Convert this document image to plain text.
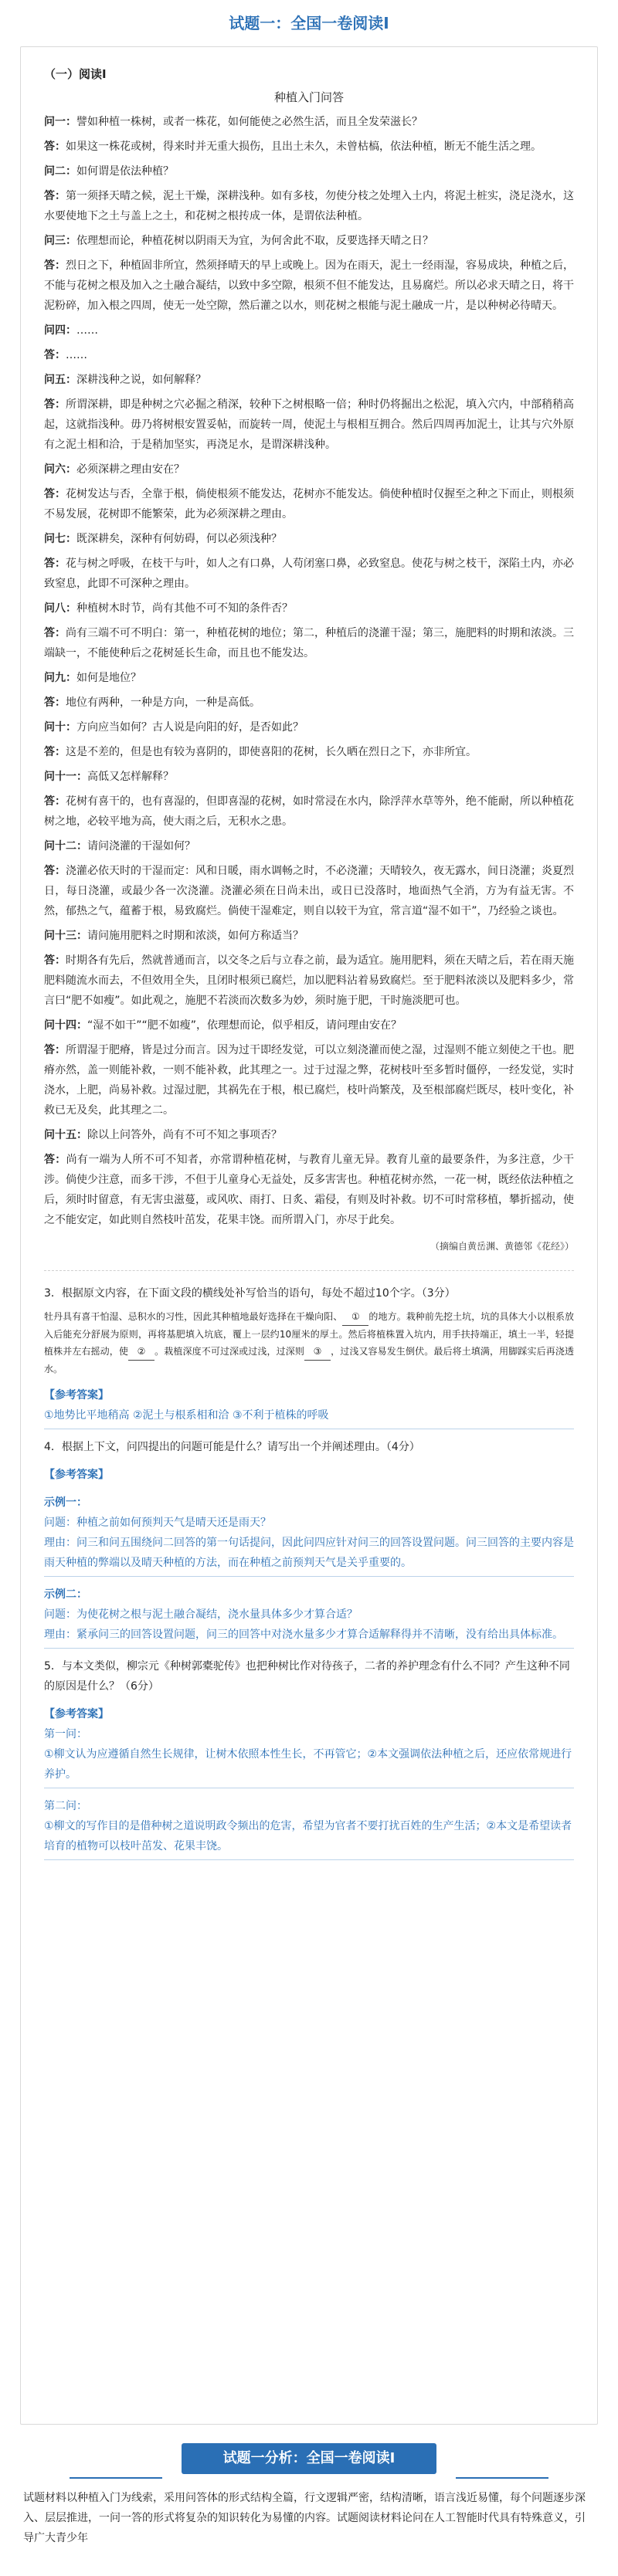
试题一：全国一卷阅读Ⅰ
（一）阅读Ⅰ
种植入门问答

问一：譬如种植一株树，或者一株花，如何能使之必然生活，而且全发荣滋长？

答：如果这一株花或树，得来时并无重大损伤，且出土未久，未曾枯槁，依法种植，断无不能生活之理。

问二：如何谓是依法种植？

答：第一须择天晴之候，泥土干燥，深耕浅种。如有多枝，勿使分枝之处埋入土内，将泥土桩实，浇足浇水，这水要使地下之土与盖上之土，和花树之根抟成一体，是谓依法种植。

问三：依理想而论，种植花树以阴雨天为宜，为何舍此不取，反要选择天晴之日？

答：烈日之下，种植固非所宜，然须择晴天的早上或晚上。因为在雨天，泥土一经雨湿，容易成块，种植之后，不能与花树之根及加入之土融合凝结，以致中多空隙，根须不但不能发达，且易腐烂。所以必求天晴之日，将干泥粉碎，加入根之四周，使无一处空隙，然后灌之以水，则花树之根能与泥土融成一片，是以种树必待晴天。

问四：……

答：……

问五：深耕浅种之说，如何解释？

答：所谓深耕，即是种树之穴必掘之稍深，较种下之树根略一倍；种时仍将掘出之松泥，填入穴内，中部稍稍高起，这就指浅种。毋乃将树根安置妥帖，而旋转一周，使泥土与根相互拥合。然后四周再加泥土，让其与穴外原有之泥土相和洽，于是稍加坚实，再浇足水，是谓深耕浅种。

问六：必须深耕之理由安在？

答：花树发达与否，全靠于根，倘使根须不能发达，花树亦不能发达。倘使种植时仅握至之种之下而止，则根须不易发展，花树即不能繁荣，此为必须深耕之理由。

问七：既深耕矣，深种有何妨碍，何以必须浅种？

答：花与树之呼吸，在枝干与叶，如人之有口鼻，人苟闭塞口鼻，必致窒息。使花与树之枝干，深陷土内，亦必致窒息，此即不可深种之理由。

问八：种植树木时节，尚有其他不可不知的条件否？

答：尚有三端不可不明白：第一，种植花树的地位；第二，种植后的浇灌干湿；第三，施肥料的时期和浓淡。三端缺一，不能使种后之花树延长生命，而且也不能发达。

问九：如何是地位？

答：地位有两种，一种是方向，一种是高低。

问十：方向应当如何？古人说是向阳的好，是否如此？

答：这是不差的，但是也有较为喜阴的，即使喜阳的花树，长久晒在烈日之下，亦非所宜。

问十一：高低又怎样解释？

答：花树有喜干的，也有喜湿的，但即喜湿的花树，如时常浸在水内，除浮萍水草等外，绝不能耐，所以种植花树之地，必较平地为高，使大雨之后，无积水之患。

问十二：请问浇灌的干湿如何？

答：浇灌必依天时的干湿而定：风和日暖，雨水调畅之时，不必浇灌；天晴较久，夜无露水，间日浇灌；炎夏烈日，每日浇灌，或最少各一次浇灌。浇灌必须在日尚未出，或日已没落时，地面热气全消，方为有益无害。不然，郁热之气，蕴蓄于根，易致腐烂。倘使干湿难定，则自以较干为宜，常言道“湿不如干”，乃经验之谈也。

问十三：请问施用肥料之时期和浓淡，如何方称适当？

答：时期各有先后，然就普通而言，以交冬之后与立春之前，最为适宜。施用肥料，须在天晴之后，若在雨天施肥料随流水而去，不但效用全失，且闭时根须已腐烂，加以肥料沾着易致腐烂。至于肥料浓淡以及肥料多少，常言曰“肥不如瘦”。如此观之，施肥不若淡而次数多为妙，须时施于肥，干时施淡肥可也。

问十四：“湿不如干”“肥不如瘦”，依理想而论，似乎相反，请问理由安在？

答：所谓湿于肥瘠，皆是过分而言。因为过干即经发觉，可以立刻浇灌而使之湿，过湿则不能立刻使之干也。肥瘠亦然，盖一则能补救，一则不能补救，此其理之一。过于过湿之弊，花树枝叶至多暂时僵停，一经发觉，实时浇水，上肥，尚易补救。过湿过肥，其祸先在于根，根已腐烂，枝叶尚繁茂，及至根部腐烂既尽，枝叶变化，补救已无及矣，此其理之二。

问十五：除以上问答外，尚有不可不知之事项否？

答：尚有一端为人所不可不知者，亦常谓种植花树，与教育儿童无异。教育儿童的最要条件，为多注意，少干涉。倘使少注意，而多干涉，不但于儿童身心无益处，反多害害也。种植花树亦然，一花一树，既经依法种植之后，须时时留意，有无害虫滋蔓，或风吹、雨打、日炙、霜侵，有则及时补救。切不可时常移植，攀折摇动，使之不能安定，如此则自然枝叶茁发，花果丰饶。而所谓入门，亦尽于此矣。

（摘编自黄岳渊、黄德邻《花经》）
3．根据原文内容，在下面文段的横线处补写恰当的语句，每处不超过10个字。（3分）
牡丹具有喜干怕湿、忌积水的习性，因此其种植地最好选择在干燥向阳、 ① 的地方。栽种前先挖土坑，坑的具体大小以根系放入后能充分舒展为原则，再将基肥填入坑底，覆上一层约10厘米的厚土。然后将植株置入坑内，用手扶持端正，填土一半，轻提植株并左右摇动，使 ② 。栽植深度不可过深或过浅，过深则 ③ ，过浅又容易发生倒伏。最后将土填满，用脚踩实后再浇透水。
【参考答案】
①地势比平地稍高 ②泥土与根系相和洽 ③不利于植株的呼吸
4．根据上下文，问四提出的问题可能是什么？请写出一个并阐述理由。（4分）
【参考答案】
示例一：
问题：种植之前如何预判天气是晴天还是雨天？
理由：问三和问五围绕问二回答的第一句话提问，因此问四应针对问三的回答设置问题。问三回答的主要内容是雨天种植的弊端以及晴天种植的方法，而在种植之前预判天气是关乎重要的。
示例二：
问题：为使花树之根与泥土融合凝结，浇水量具体多少才算合适？
理由：紧承问三的回答设置问题，问三的回答中对浇水量多少才算合适解释得并不清晰，没有给出具体标准。
5．与本文类似，柳宗元《种树郭橐驼传》也把种树比作对待孩子，二者的养护理念有什么不同？产生这种不同的原因是什么？（6分）
【参考答案】
第一问：
①柳文认为应遵循自然生长规律，让树木依照本性生长，不再管它；②本文强调依法种植之后，还应依常规进行养护。
第二问：
①柳文的写作目的是借种树之道说明政令频出的危害，希望为官者不要打扰百姓的生产生活；②本文是希望读者培育的植物可以枝叶茁发、花果丰饶。
试题一分析：全国一卷阅读Ⅰ
试题材料以种植入门为线索，采用问答体的形式结构全篇，行文逻辑严密，结构清晰，语言浅近易懂，每个问题逐步深入、层层推进，一问一答的形式将复杂的知识转化为易懂的内容。试题阅读材料论问在人工智能时代具有特殊意义，引导广大青少年
